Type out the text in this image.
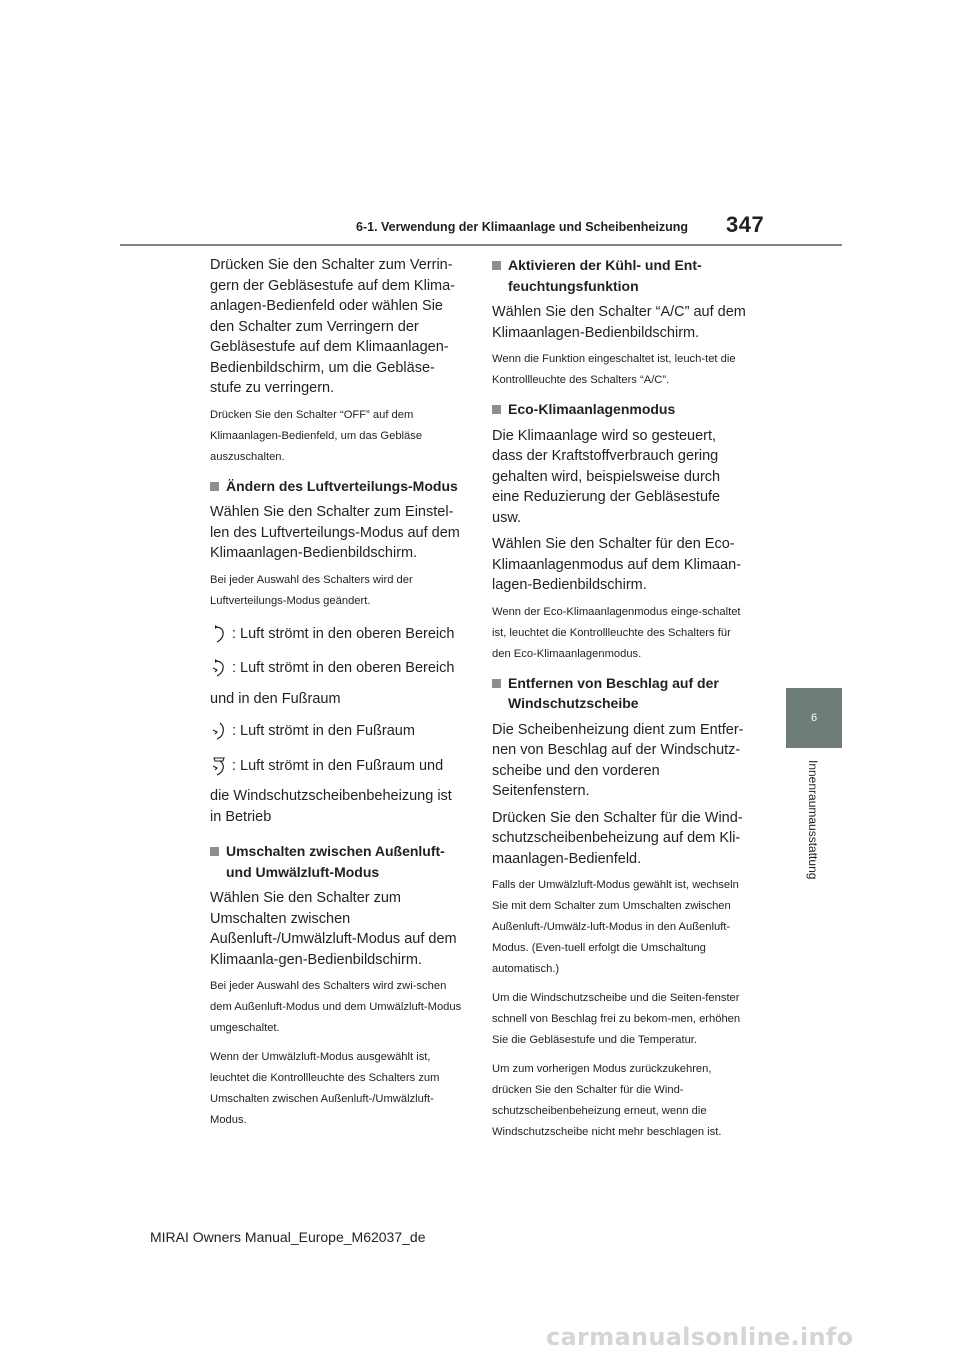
6-1. Verwendung der Klimaanlage und Scheibenheizung	347
6
Innenraumausstattung

Drücken Sie den Schalter zum Verrin-gern der Gebläsestufe auf dem Klima-anlagen-Bedienfeld oder wählen Sie den Schalter zum Verringern der Gebläsestufe auf dem Klimaanlagen-Bedienbildschirm, um die Gebläse-stufe zu verringern.

Drücken Sie den Schalter “OFF” auf dem Klimaanlagen-Bedienfeld, um das Gebläse auszuschalten.

Ändern des Luftverteilungs-Modus

Wählen Sie den Schalter zum Einstel-len des Luftverteilungs-Modus auf dem Klimaanlagen-Bedienbildschirm.

Bei jeder Auswahl des Schalters wird der Luftverteilungs-Modus geändert.

: Luft strömt in den oberen Bereich
: Luft strömt in den oberen Bereich

und in den Fußraum

: Luft strömt in den Fußraum
: Luft strömt in den Fußraum und

die Windschutzscheibenbeheizung ist in Betrieb

Umschalten zwischen Außenluft- und Umwälzluft-Modus

Wählen Sie den Schalter zum Umschalten zwischen Außenluft-/Umwälzluft-Modus auf dem Klimaanla-gen-Bedienbildschirm.

Bei jeder Auswahl des Schalters wird zwi-schen dem Außenluft-Modus und dem Umwälzluft-Modus umgeschaltet.

Wenn der Umwälzluft-Modus ausgewählt ist, leuchtet die Kontrollleuchte des Schalters zum Umschalten zwischen Außenluft-/Umwälzluft-Modus.

Aktivieren der Kühl- und Ent-feuchtungsfunktion

Wählen Sie den Schalter “A/C” auf dem Klimaanlagen-Bedienbildschirm.

Wenn die Funktion eingeschaltet ist, leuch-tet die Kontrollleuchte des Schalters “A/C”.

Eco-Klimaanlagenmodus

Die Klimaanlage wird so gesteuert, dass der Kraftstoffverbrauch gering gehalten wird, beispielsweise durch eine Reduzierung der Gebläsestufe usw.

Wählen Sie den Schalter für den Eco-Klimaanlagenmodus auf dem Klimaan-lagen-Bedienbildschirm.

Wenn der Eco-Klimaanlagenmodus einge-schaltet ist, leuchtet die Kontrollleuchte des Schalters für den Eco-Klimaanlagenmodus.

Entfernen von Beschlag auf der Windschutzscheibe

Die Scheibenheizung dient zum Entfer-nen von Beschlag auf der Windschutz-scheibe und den vorderen Seitenfenstern.

Drücken Sie den Schalter für die Wind-schutzscheibenbeheizung auf dem Kli-maanlagen-Bedienfeld.

Falls der Umwälzluft-Modus gewählt ist, wechseln Sie mit dem Schalter zum Umschalten zwischen Außenluft-/Umwälz-luft-Modus in den Außenluft-Modus. (Even-tuell erfolgt die Umschaltung automatisch.)

Um die Windschutzscheibe und die Seiten-fenster schnell von Beschlag frei zu bekom-men, erhöhen Sie die Gebläsestufe und die Temperatur.

Um zum vorherigen Modus zurückzukehren, drücken Sie den Schalter für die Wind-schutzscheibenbeheizung erneut, wenn die Windschutzscheibe nicht mehr beschlagen ist.

MIRAI Owners Manual_Europe_M62037_de
carmanualsonline.info
